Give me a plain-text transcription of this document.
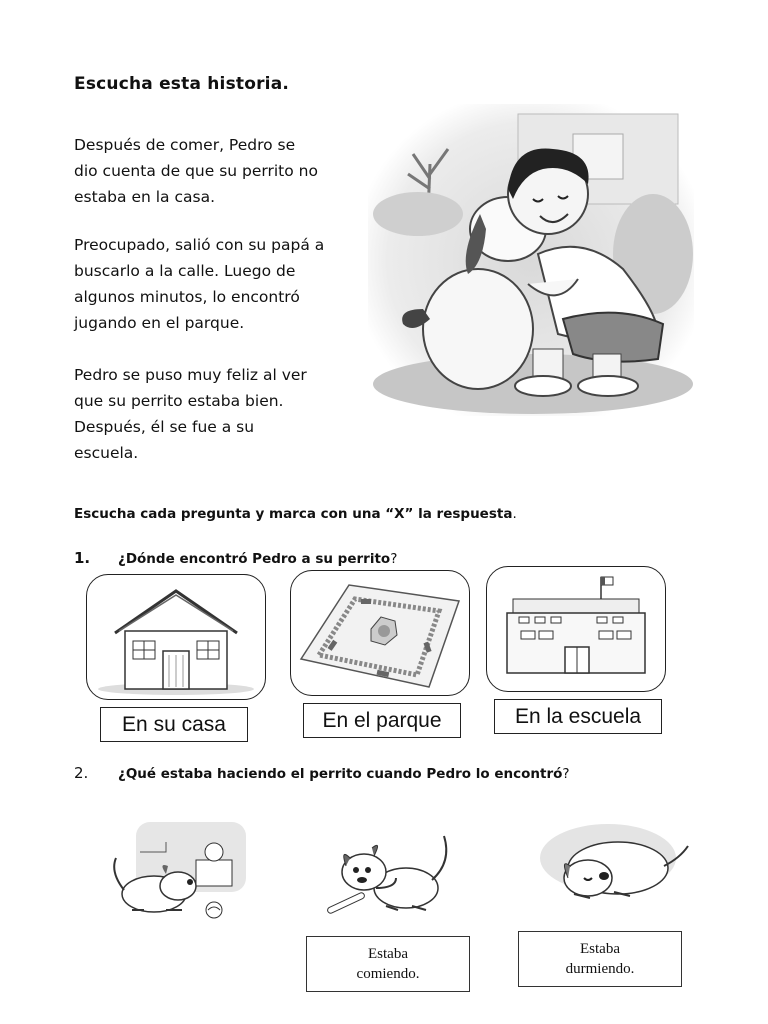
Escucha esta historia.
Después de comer, Pedro se
dio cuenta de que su perrito no
estaba en la casa.
Preocupado, salió con su papá a
buscarlo a la calle. Luego de
algunos minutos, lo encontró
jugando en el parque.
Pedro se puso muy feliz al ver
que su perrito estaba bien.
Después, él se fue a su
escuela.
Escucha cada pregunta y marca con una “X” la respuesta.
1. ¿Dónde encontró Pedro a su perrito?
En su casa	En el parque	En la escuela
2. ¿Qué estaba haciendo el perrito cuando Pedro lo encontró?
Estaba
comiendo.
Estaba
durmiendo.
